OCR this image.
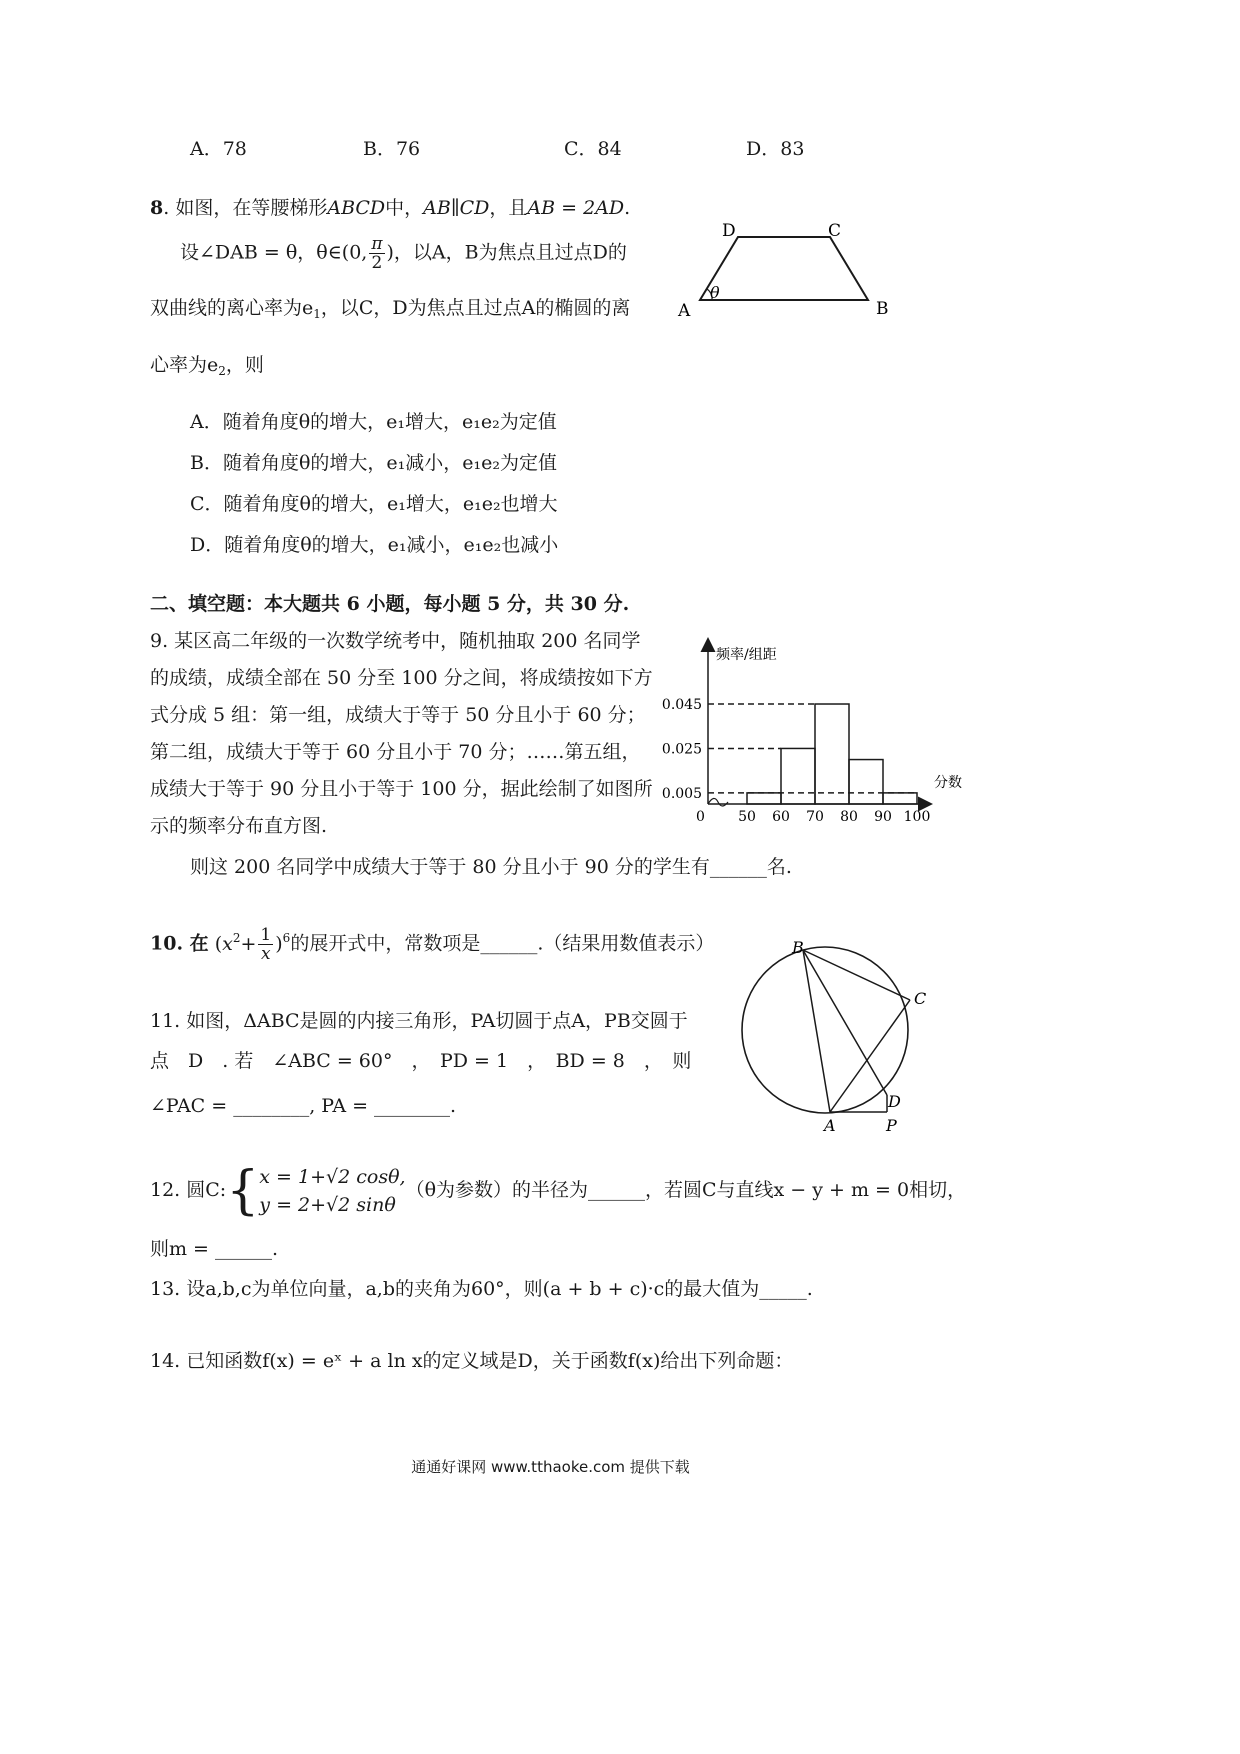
A．78	B．76	C．84	D．83
8. 如图，在等腰梯形ABCD中，AB∥CD，且AB = 2AD.
设∠DAB = θ，θ∈(0, $\frac{\pi}{2}$ )，以A，B为焦点且过点D的
双曲线的离心率为$e_1$，以C，D为焦点且过点A的椭圆的离
心率为$e_2$，则
A．随着角度θ的增大，e₁增大，e₁e₂为定值
B．随着角度θ的增大，e₁减小，e₁e₂为定值
C．随着角度θ的增大，e₁增大，e₁e₂也增大
D．随着角度θ的增大，e₁减小，e₁e₂也减小
D	C
A	B
θ
二、填空题：本大题共 6 小题，每小题 5 分，共 30 分.
9. 某区高二年级的一次数学统考中，随机抽取 200 名同学
的成绩，成绩全部在 50 分至 100 分之间，将成绩按如下方
式分成 5 组：第一组，成绩大于等于 50 分且小于 60 分；
第二组，成绩大于等于 60 分且小于 70 分；……第五组，
成绩大于等于 90 分且小于等于 100 分，据此绘制了如图所
示的频率分布直方图.
则这 200 名同学中成绩大于等于 80 分且小于 90 分的学生有______名.
0.005
0.025
0.045
0 50 60 70 80 90 100
频率/组距
分数
10. 在 $(x^2+ \frac{1}{x} )^6$的展开式中，常数项是______.（结果用数值表示）
11. 如图，ΔABC是圆的内接三角形，PA切圆于点A，PB交圆于
点　D　. 若　∠ABC = 60°　，　PD = 1　，　BD = 8　，　则
∠PAC = ________, PA = ________.
B
C
D
A	P
12. 圆C:{ x = 1+√2 cosθ,
y = 2+√2 sinθ
（θ为参数）的半径为______，若圆C与直线x − y + m = 0相切，
则m = ______.
13. 设a,b,c为单位向量，a,b的夹角为60°，则(a + b + c)·c的最大值为_____.
14. 已知函数f(x) = eˣ + a ln x的定义域是D，关于函数f(x)给出下列命题：
通通好课网 www.tthaoke.com 提供下载
